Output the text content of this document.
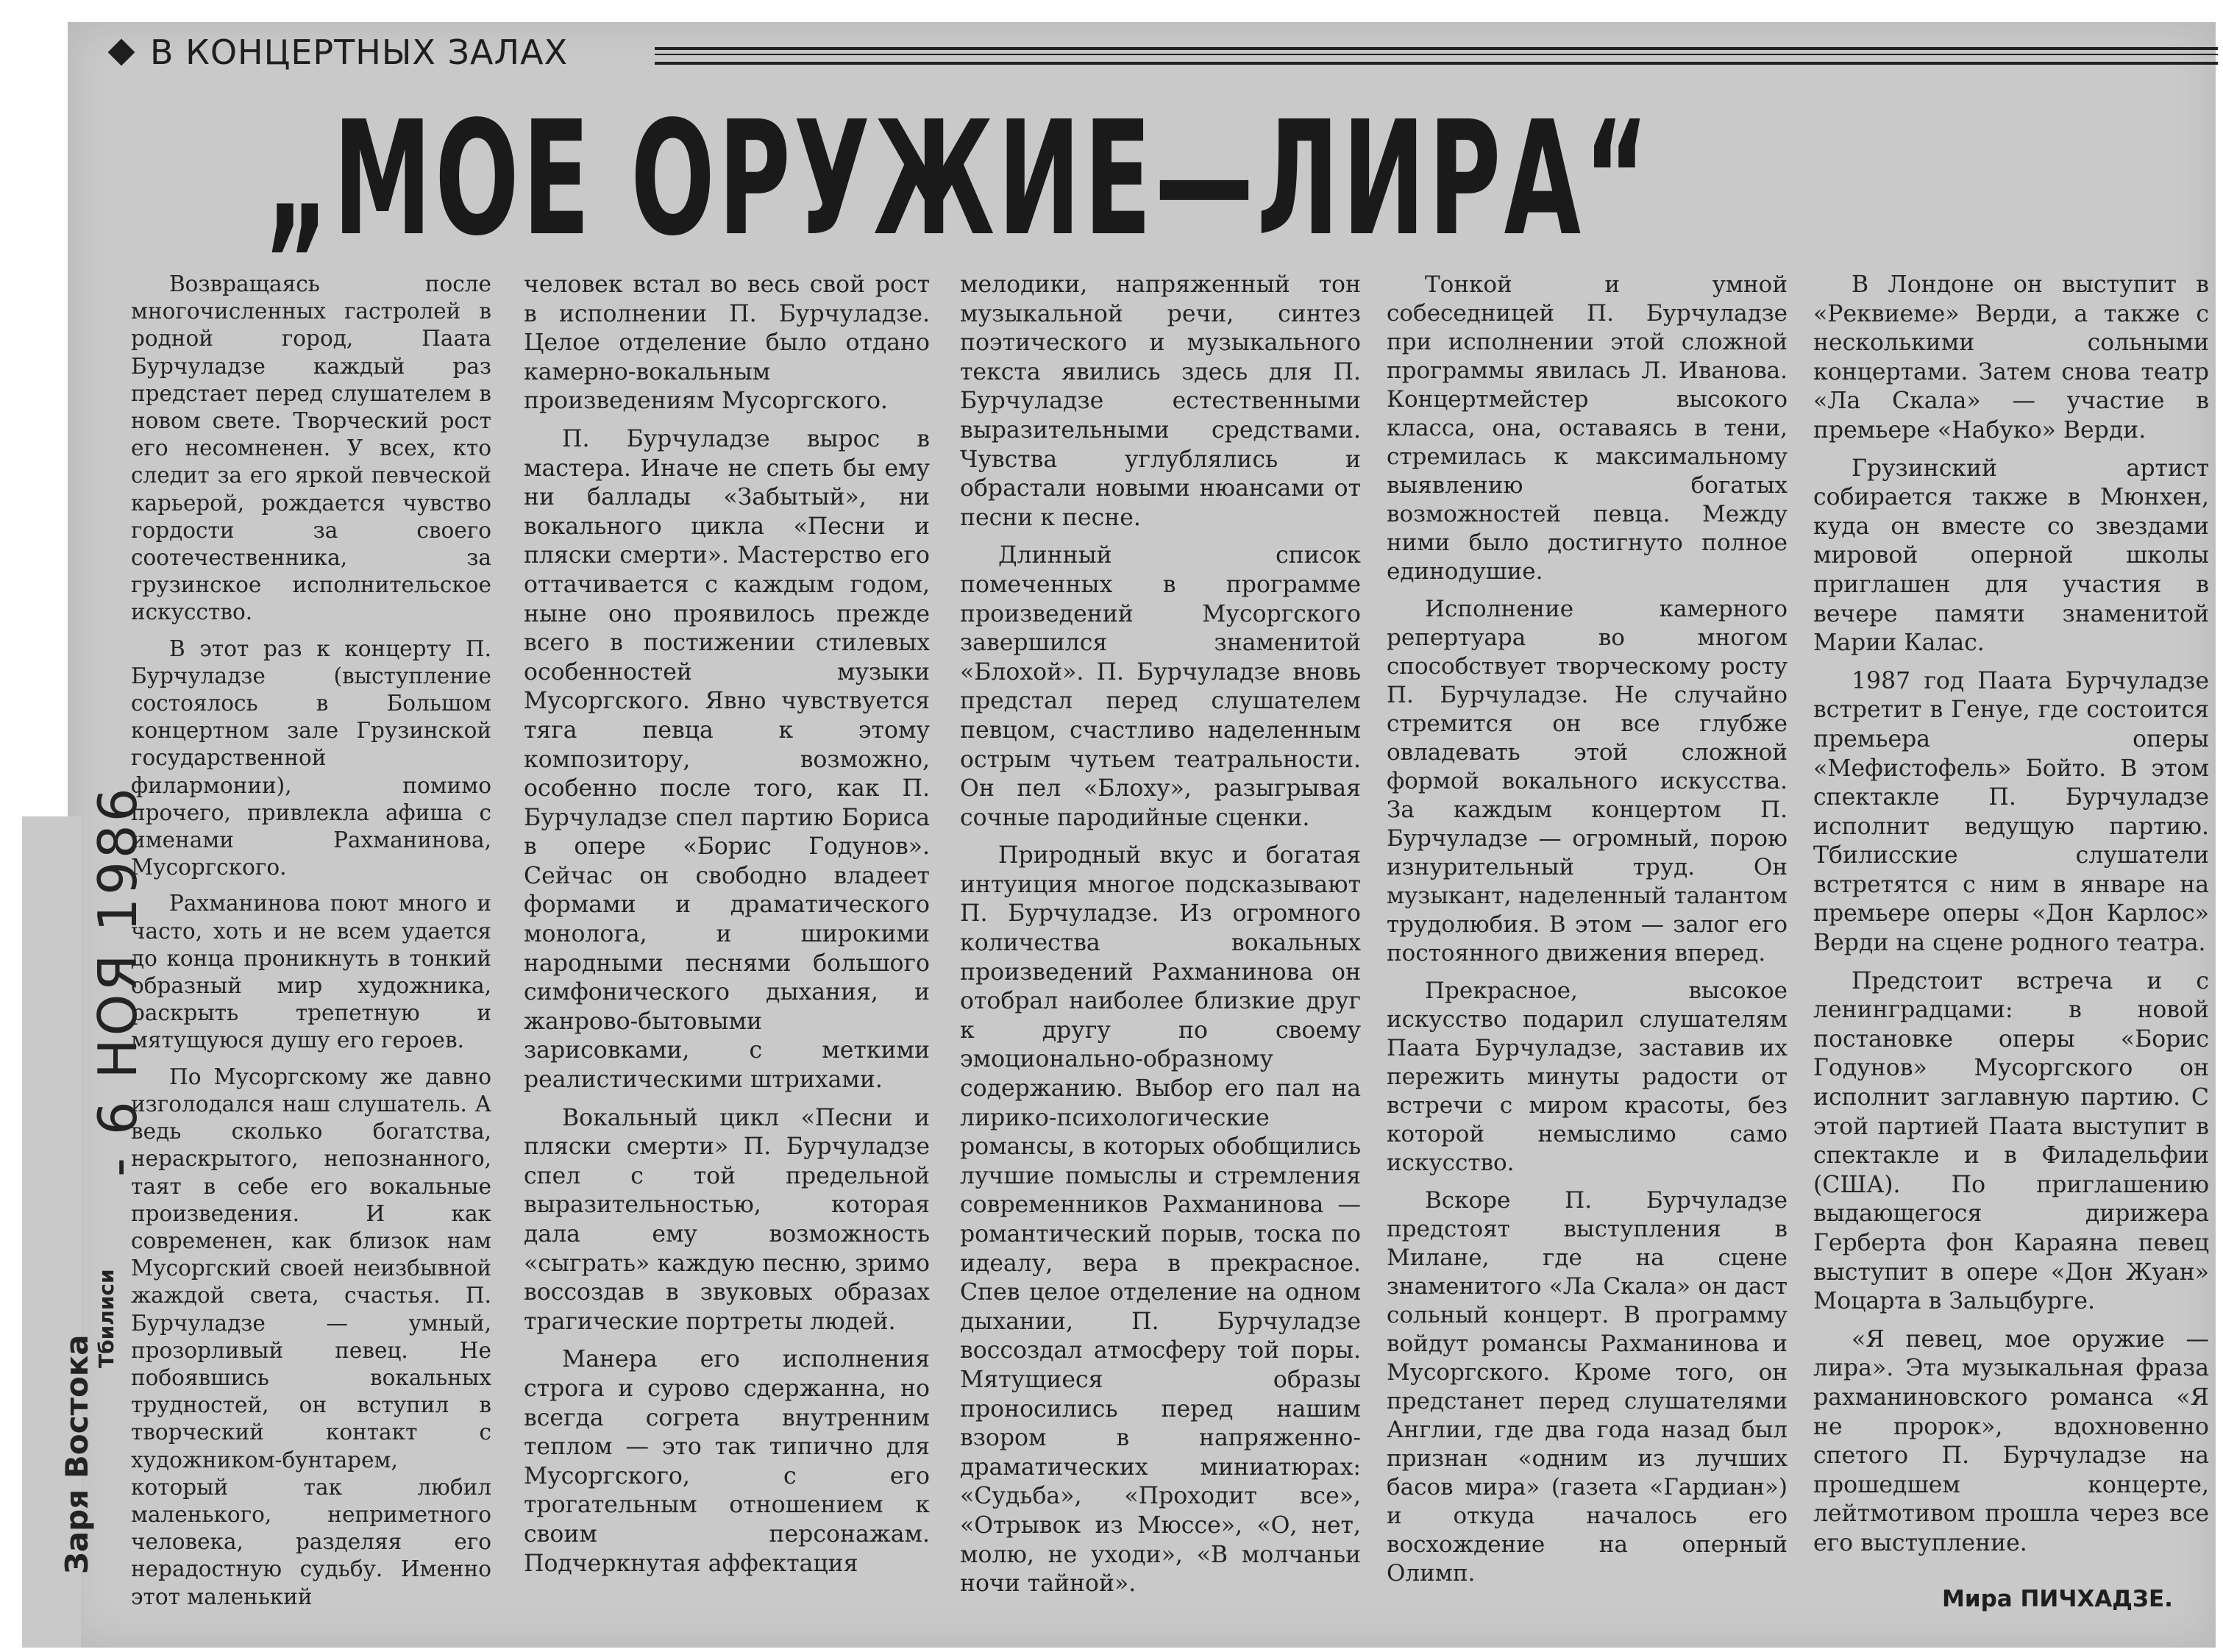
В КОНЦЕРТНЫХ ЗАЛАХ
„МОЕ ОРУЖИЕ—ЛИРА“

Возвращаясь после многочисленных гастролей в родной город, Паата Бурчуладзе каждый раз предстает перед слушателем в новом свете. Творческий рост его несомненен. У всех, кто следит за его яркой певческой карьерой, рождается чувство гордости за своего соотечественника, за грузинское исполнительское искусство.

В этот раз к концерту П. Бурчуладзе (выступление состоялось в Большом концертном зале Грузинской государственной филармонии), помимо прочего, привлекла афиша с именами Рахманинова, Мусоргского.

Рахманинова поют много и часто, хоть и не всем удается до конца проникнуть в тонкий образный мир художника, раскрыть трепетную и мятущуюся душу его героев.

По Мусоргскому же давно изголодался наш слушатель. А ведь сколько богатства, нераскрытого, непознанного, таят в себе его вокальные произведения. И как современен, как близок нам Мусоргский своей неизбывной жаждой света, счастья. П. Бурчуладзе — умный, прозорливый певец. Не побоявшись вокальных трудностей, он вступил в творческий контакт с художником-бунтарем, который так любил маленького, неприметного человека, разделяя его нерадостную судьбу. Именно этот маленький

человек встал во весь свой рост в исполнении П. Бурчуладзе. Целое отделение было отдано камерно-вокальным произведениям Мусоргского.

П. Бурчуладзе вырос в мастера. Иначе не спеть бы ему ни баллады «Забытый», ни вокального цикла «Песни и пляски смерти». Мастерство его оттачивается с каждым годом, ныне оно проявилось прежде всего в постижении стилевых особенностей музыки Мусоргского. Явно чувствуется тяга певца к этому композитору, возможно, особенно после того, как П. Бурчуладзе спел партию Бориса в опере «Борис Годунов». Сейчас он свободно владеет формами и драматического монолога, и широкими народными песнями большого симфонического дыхания, и жанрово-бытовыми зарисовками, с меткими реалистическими штрихами.

Вокальный цикл «Песни и пляски смерти» П. Бурчуладзе спел с той предельной выразительностью, которая дала ему возможность «сыграть» каждую песню, зримо воссоздав в звуковых образах трагические портреты людей.

Манера его исполнения строга и сурово сдержанна, но всегда согрета внутренним теплом — это так типично для Мусоргского, с его трогательным отношением к своим персонажам. Подчеркнутая аффектация

мелодики, напряженный тон музыкальной речи, синтез поэтического и музыкального текста явились здесь для П. Бурчуладзе естественными выразительными средствами. Чувства углублялись и обрастали новыми нюансами от песни к песне.

Длинный список помеченных в программе произведений Мусоргского завершился знаменитой «Блохой». П. Бурчуладзе вновь предстал перед слушателем певцом, счастливо наделенным острым чутьем театральности. Он пел «Блоху», разыгрывая сочные пародийные сценки.

Природный вкус и богатая интуиция многое подсказывают П. Бурчуладзе. Из огромного количества вокальных произведений Рахманинова он отобрал наиболее близкие друг к другу по своему эмоционально-образному содержанию. Выбор его пал на лирико-психологические романсы, в которых обобщились лучшие помыслы и стремления современников Рахманинова — романтический порыв, тоска по идеалу, вера в прекрасное. Спев целое отделение на одном дыхании, П. Бурчуладзе воссоздал атмосферу той поры. Мятущиеся образы проносились перед нашим взором в напряженно-драматических миниатюрах: «Судьба», «Проходит все», «Отрывок из Мюссе», «О, нет, молю, не уходи», «В молчаньи ночи тайной».

Тонкой и умной собеседницей П. Бурчуладзе при исполнении этой сложной программы явилась Л. Иванова. Концертмейстер высокого класса, она, оставаясь в тени, стремилась к максимальному выявлению богатых возможностей певца. Между ними было достигнуто полное единодушие.

Исполнение камерного репертуара во многом способствует творческому росту П. Бурчуладзе. Не случайно стремится он все глубже овладевать этой сложной формой вокального искусства. За каждым концертом П. Бурчуладзе — огромный, порою изнурительный труд. Он музыкант, наделенный талантом трудолюбия. В этом — залог его постоянного движения вперед.

Прекрасное, высокое искусство подарил слушателям Паата Бурчуладзе, заставив их пережить минуты радости от встречи с миром красоты, без которой немыслимо само искусство.

Вскоре П. Бурчуладзе предстоят выступления в Милане, где на сцене знаменитого «Ла Скала» он даст сольный концерт. В программу войдут романсы Рахманинова и Мусоргского. Кроме того, он предстанет перед слушателями Англии, где два года назад был признан «одним из лучших басов мира» (газета «Гардиан») и откуда началось его восхождение на оперный Олимп.

В Лондоне он выступит в «Реквиеме» Верди, а также с несколькими сольными концертами. Затем снова театр «Ла Скала» — участие в премьере «Набуко» Верди.

Грузинский артист собирается также в Мюнхен, куда он вместе со звездами мировой оперной школы приглашен для участия в вечере памяти знаменитой Марии Калас.

1987 год Паата Бурчуладзе встретит в Генуе, где состоится премьера оперы «Мефистофель» Бойто. В этом спектакле П. Бурчуладзе исполнит ведущую партию. Тбилисские слушатели встретятся с ним в январе на премьере оперы «Дон Карлос» Верди на сцене родного театра.

Предстоит встреча и с ленинградцами: в новой постановке оперы «Борис Годунов» Мусоргского он исполнит заглавную партию. С этой партией Паата выступит в спектакле и в Филадельфии (США). По приглашению выдающегося дирижера Герберта фон Караяна певец выступит в опере «Дон Жуан» Моцарта в Зальцбурге.

«Я певец, мое оружие — лира». Эта музыкальная фраза рахманиновского романса «Я не пророк», вдохновенно спетого П. Бурчуладзе на прошедшем концерте, лейтмотивом прошла через все его выступление.

Мира ПИЧХАДЗЕ.
- 6 НОЯ 1986
Заря Востока
Тбилиси
